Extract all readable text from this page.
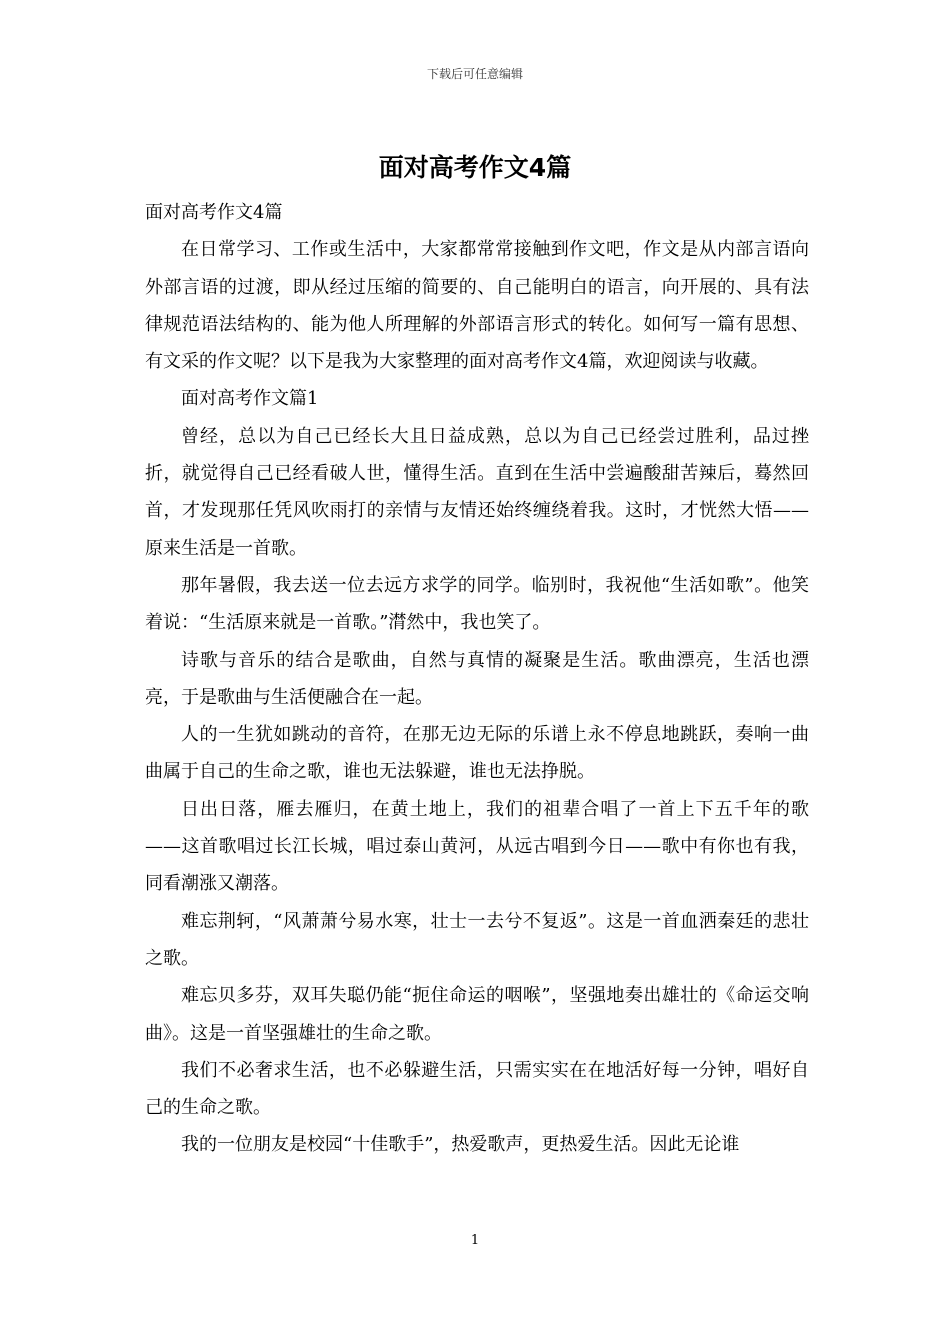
下载后可任意编辑
面对高考作文4篇

面对高考作文4篇

在日常学习、工作或生活中，大家都常常接触到作文吧，作文是从内部言语向外部言语的过渡，即从经过压缩的简要的、自己能明白的语言，向开展的、具有法律规范语法结构的、能为他人所理解的外部语言形式的转化。如何写一篇有思想、有文采的作文呢？以下是我为大家整理的面对高考作文4篇，欢迎阅读与收藏。

面对高考作文篇1

曾经，总以为自己已经长大且日益成熟，总以为自己已经尝过胜利，品过挫折，就觉得自己已经看破人世，懂得生活。直到在生活中尝遍酸甜苦辣后，蓦然回首，才发现那任凭风吹雨打的亲情与友情还始终缠绕着我。这时，才恍然大悟——原来生活是一首歌。

那年暑假，我去送一位去远方求学的同学。临别时，我祝他“生活如歌”。他笑着说：“生活原来就是一首歌。”潸然中，我也笑了。

诗歌与音乐的结合是歌曲，自然与真情的凝聚是生活。歌曲漂亮，生活也漂亮，于是歌曲与生活便融合在一起。

人的一生犹如跳动的音符，在那无边无际的乐谱上永不停息地跳跃，奏响一曲曲属于自己的生命之歌，谁也无法躲避，谁也无法挣脱。

日出日落，雁去雁归，在黄土地上，我们的祖辈合唱了一首上下五千年的歌——这首歌唱过长江长城，唱过泰山黄河，从远古唱到今日——歌中有你也有我，同看潮涨又潮落。

难忘荆轲，“风萧萧兮易水寒，壮士一去兮不复返”。这是一首血洒秦廷的悲壮之歌。

难忘贝多芬，双耳失聪仍能“扼住命运的咽喉”，坚强地奏出雄壮的《命运交响曲》。这是一首坚强雄壮的生命之歌。

我们不必奢求生活，也不必躲避生活，只需实实在在地活好每一分钟，唱好自己的生命之歌。

我的一位朋友是校园“十佳歌手”，热爱歌声，更热爱生活。因此无论谁

1
